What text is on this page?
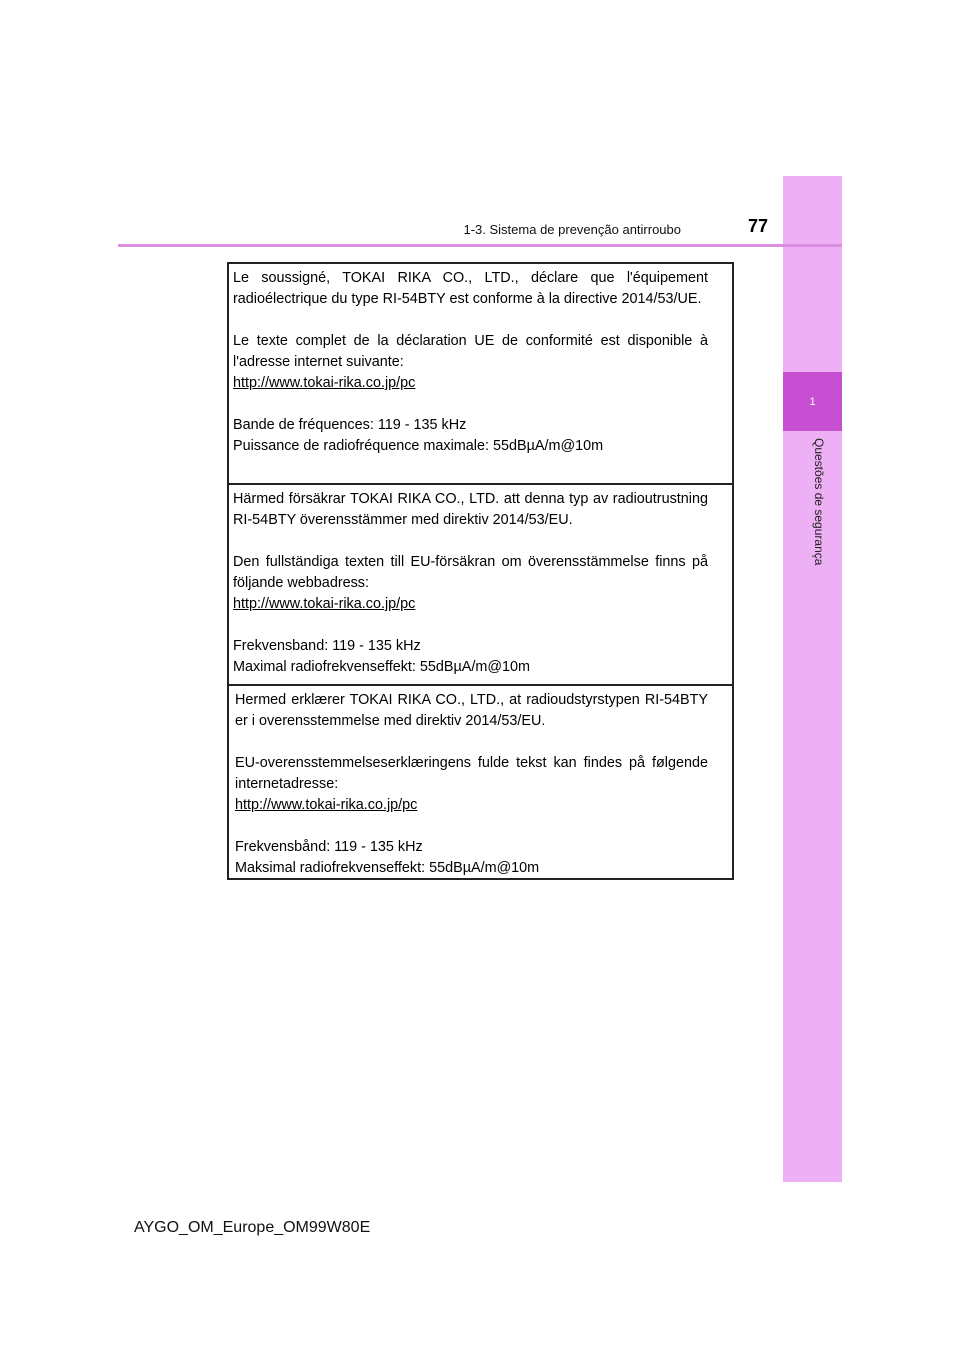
1
Questões de segurança
1-3. Sistema de prevenção antirroubo	77

Le soussigné, TOKAI RIKA CO., LTD., déclare que l'équipement radioélectrique du type RI-54BTY est conforme à la directive 2014/53/UE.

Le texte complet de la déclaration UE de conformité est disponible à l'adresse internet suivante:
http://www.tokai-rika.co.jp/pc

Bande de fréquences: 119 - 135 kHz
Puissance de radiofréquence maximale: 55dBµA/m@10m

Härmed försäkrar TOKAI RIKA CO., LTD. att denna typ av radioutrustning RI-54BTY överensstämmer med direktiv 2014/53/EU.

Den fullständiga texten till EU-försäkran om överensstämmelse finns på följande webbadress:
http://www.tokai-rika.co.jp/pc

Frekvensband: 119 - 135 kHz
Maximal radiofrekvenseffekt: 55dBµA/m@10m

Hermed erklærer TOKAI RIKA CO., LTD., at radioudstyrstypen RI-54BTY er i overensstemmelse med direktiv 2014/53/EU.

EU-overensstemmelseserklæringens fulde tekst kan findes på følgende internetadresse:
http://www.tokai-rika.co.jp/pc

Frekvensbånd: 119 - 135 kHz
Maksimal radiofrekvenseffekt: 55dBµA/m@10m

AYGO_OM_Europe_OM99W80E
